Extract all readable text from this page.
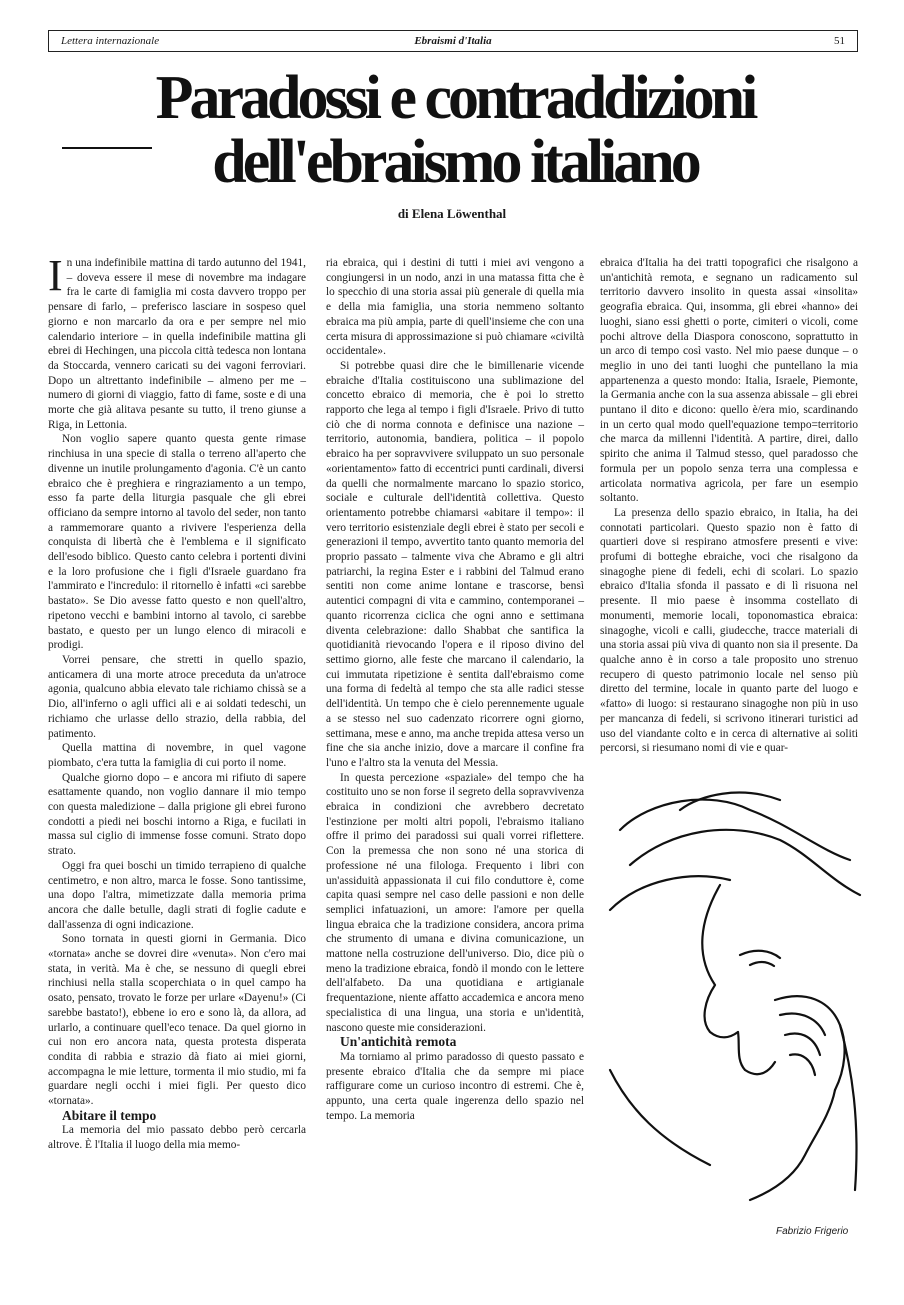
Lettera internazionale	Ebraismi d'Italia	51
Paradossi e contraddizioni
dell'ebraismo italiano
di Elena Löwenthal

In una indefinibile mattina di tardo autunno del 1941, – doveva essere il mese di novembre ma indagare fra le carte di famiglia mi costa davvero troppo per pensare di farlo, – preferisco lasciare in sospeso quel giorno e non marcarlo da ora e per sempre nel mio calendario interiore – in quella indefinibile mattina gli ebrei di Hechingen, una piccola città tedesca non lontana da Stoccarda, vennero caricati su dei vagoni ferroviari. Dopo un altrettanto indefinibile – almeno per me – numero di giorni di viaggio, fatto di fame, soste e di una morte che già alitava pesante su tutto, il treno giunse a Riga, in Lettonia.

Non voglio sapere quanto questa gente rimase rinchiusa in una specie di stalla o terreno all'aperto che divenne un inutile prolungamento d'agonia. C'è un canto ebraico che è preghiera e ringraziamento a un tempo, esso fa parte della liturgia pasquale che gli ebrei officiano da sempre intorno al tavolo del seder, non tanto a rammemorare quanto a rivivere l'esperienza della conquista di libertà che è l'emblema e il significato dell'esodo biblico. Questo canto celebra i portenti divini e la loro profusione che i figli d'Israele guardano fra l'ammirato e l'incredulo: il ritornello è infatti «ci sarebbe bastato». Se Dio avesse fatto questo e non quell'altro, ripetono vecchi e bambini intorno al tavolo, ci sarebbe bastato, e questo per un lungo elenco di miracoli e prodigi.

Vorrei pensare, che stretti in quello spazio, anticamera di una morte atroce preceduta da un'atroce agonia, qualcuno abbia elevato tale richiamo chissà se a Dio, all'inferno o agli uffici ali e ai soldati tedeschi, un richiamo che urlasse dello strazio, della rabbia, del patimento.

Quella mattina di novembre, in quel vagone piombato, c'era tutta la famiglia di cui porto il nome.

Qualche giorno dopo – e ancora mi rifiuto di sapere esattamente quando, non voglio dannare il mio tempo con questa maledizione – dalla prigione gli ebrei furono condotti a piedi nei boschi intorno a Riga, e fucilati in massa sul ciglio di immense fosse comuni. Strato dopo strato.

Oggi fra quei boschi un timido terrapieno di qualche centimetro, e non altro, marca le fosse. Sono tantissime, una dopo l'altra, mimetizzate dalla memoria prima ancora che dalle betulle, dagli strati di foglie cadute e dall'assenza di ogni indicazione.

Sono tornata in questi giorni in Germania. Dico «tornata» anche se dovrei dire «venuta». Non c'ero mai stata, in verità. Ma è che, se nessuno di quegli ebrei rinchiusi nella stalla scoperchiata o in quel campo ha osato, pensato, trovato le forze per urlare «Dayenu!» (Ci sarebbe bastato!), ebbene io ero e sono là, da allora, ad urlarlo, a continuare quell'eco tenace. Da quel giorno in cui non ero ancora nata, questa protesta disperata condita di rabbia e strazio dà fiato ai miei giorni, accompagna le mie letture, tormenta il mio studio, mi fa guardare negli occhi i miei figli. Per questo dico «tornata».

Abitare il tempo

La memoria del mio passato debbo però cercarla altrove. È l'Italia il luogo della mia memo-

ria ebraica, qui i destini di tutti i miei avi vengono a congiungersi in un nodo, anzi in una matassa fitta che è lo specchio di una storia assai più generale di quella mia e della mia famiglia, una storia nemmeno soltanto ebraica ma più ampia, parte di quell'insieme che con una certa misura di approssimazione si può chiamare «civiltà occidentale».

Si potrebbe quasi dire che le bimillenarie vicende ebraiche d'Italia costituiscono una sublimazione del concetto ebraico di memoria, che è poi lo stretto rapporto che lega al tempo i figli d'Israele. Privo di tutto ciò che di norma connota e definisce una nazione – territorio, autonomia, bandiera, politica – il popolo ebraico ha per sopravvivere sviluppato un suo personale «orientamento» fatto di eccentrici punti cardinali, diversi da quelli che normalmente marcano lo spazio storico, sociale e culturale dell'identità collettiva. Questo orientamento potrebbe chiamarsi «abitare il tempo»: il vero territorio esistenziale degli ebrei è stato per secoli e generazioni il tempo, avvertito tanto quanto memoria del proprio passato – talmente viva che Abramo e gli altri patriarchi, la regina Ester e i rabbini del Talmud erano sentiti non come anime lontane e trascorse, bensì autentici compagni di vita e cammino, contemporanei – quanto ricorrenza ciclica che ogni anno e settimana diventa celebrazione: dallo Shabbat che santifica la quotidianità rievocando l'opera e il riposo divino del settimo giorno, alle feste che marcano il calendario, la cui immutata ripetizione è sentita dall'ebraismo come una forma di fedeltà al tempo che sta alle radici stesse dell'identità. Un tempo che è cielo perennemente uguale a se stesso nel suo cadenzato ricorrere ogni giorno, settimana, mese e anno, ma anche trepida attesa verso un fine che sia anche inizio, dove a marcare il confine fra l'uno e l'altro sta la venuta del Messia.

In questa percezione «spaziale» del tempo che ha costituito uno se non forse il segreto della sopravvivenza ebraica in condizioni che avrebbero decretato l'estinzione per molti altri popoli, l'ebraismo italiano offre il primo dei paradossi sui quali vorrei riflettere. Con la premessa che non sono né una storica di professione né una filologa. Frequento i libri con un'assiduità appassionata il cui filo conduttore è, come capita quasi sempre nel caso delle passioni e non delle semplici infatuazioni, un amore: l'amore per quella lingua ebraica che la tradizione considera, ancora prima che strumento di umana e divina comunicazione, un mattone nella costruzione dell'universo. Dio, dice più o meno la tradizione ebraica, fondò il mondo con le lettere dell'alfabeto. Da una quotidiana e artigianale frequentazione, niente affatto accademica e ancora meno specialistica di una lingua, una storia e un'identità, nascono queste mie considerazioni.

Un'antichità remota

Ma torniamo al primo paradosso di questo passato e presente ebraico d'Italia che da sempre mi piace raffigurare come un curioso incontro di estremi. Che è, appunto, una certa quale ingerenza dello spazio nel tempo. La memoria

ebraica d'Italia ha dei tratti topografici che risalgono a un'antichità remota, e segnano un radicamento sul territorio davvero insolito in questa assai «insolita» geografia ebraica. Qui, insomma, gli ebrei «hanno» dei luoghi, siano essi ghetti o porte, cimiteri o vicoli, come pochi altrove della Diaspora conoscono, soprattutto in un arco di tempo così vasto. Nel mio paese dunque – o meglio in uno dei tanti luoghi che puntellano la mia appartenenza a questo mondo: Italia, Israele, Piemonte, la Germania anche con la sua assenza abissale – gli ebrei puntano il dito e dicono: quello è/era mio, scardinando in un certo qual modo quell'equazione tempo=territorio che marca da millenni l'identità. A partire, direi, dallo spirito che anima il Talmud stesso, quel paradosso che formula per un popolo senza terra una complessa e articolata normativa agricola, per fare un esempio soltanto.

La presenza dello spazio ebraico, in Italia, ha dei connotati particolari. Questo spazio non è fatto di quartieri dove si respirano atmosfere presenti e vive: profumi di botteghe ebraiche, voci che risalgono da sinagoghe piene di fedeli, echi di scolari. Lo spazio ebraico d'Italia sfonda il passato e di lì risuona nel presente. Il mio paese è insomma costellato di monumenti, memorie locali, toponomastica ebraica: sinagoghe, vicoli e calli, giudecche, tracce materiali di una storia assai più viva di quanto non sia il presente. Da qualche anno è in corso a tale proposito uno strenuo recupero di questo patrimonio locale nel senso più diretto del termine, locale in quanto parte del luogo e «fatto» di luogo: si restaurano sinagoghe non più in uso per mancanza di fedeli, si scrivono itinerari turistici ad uso del viandante colto e in cerca di alternative ai soliti percorsi, si riesumano nomi di vie e quar-

Fabrizio Frigerio
